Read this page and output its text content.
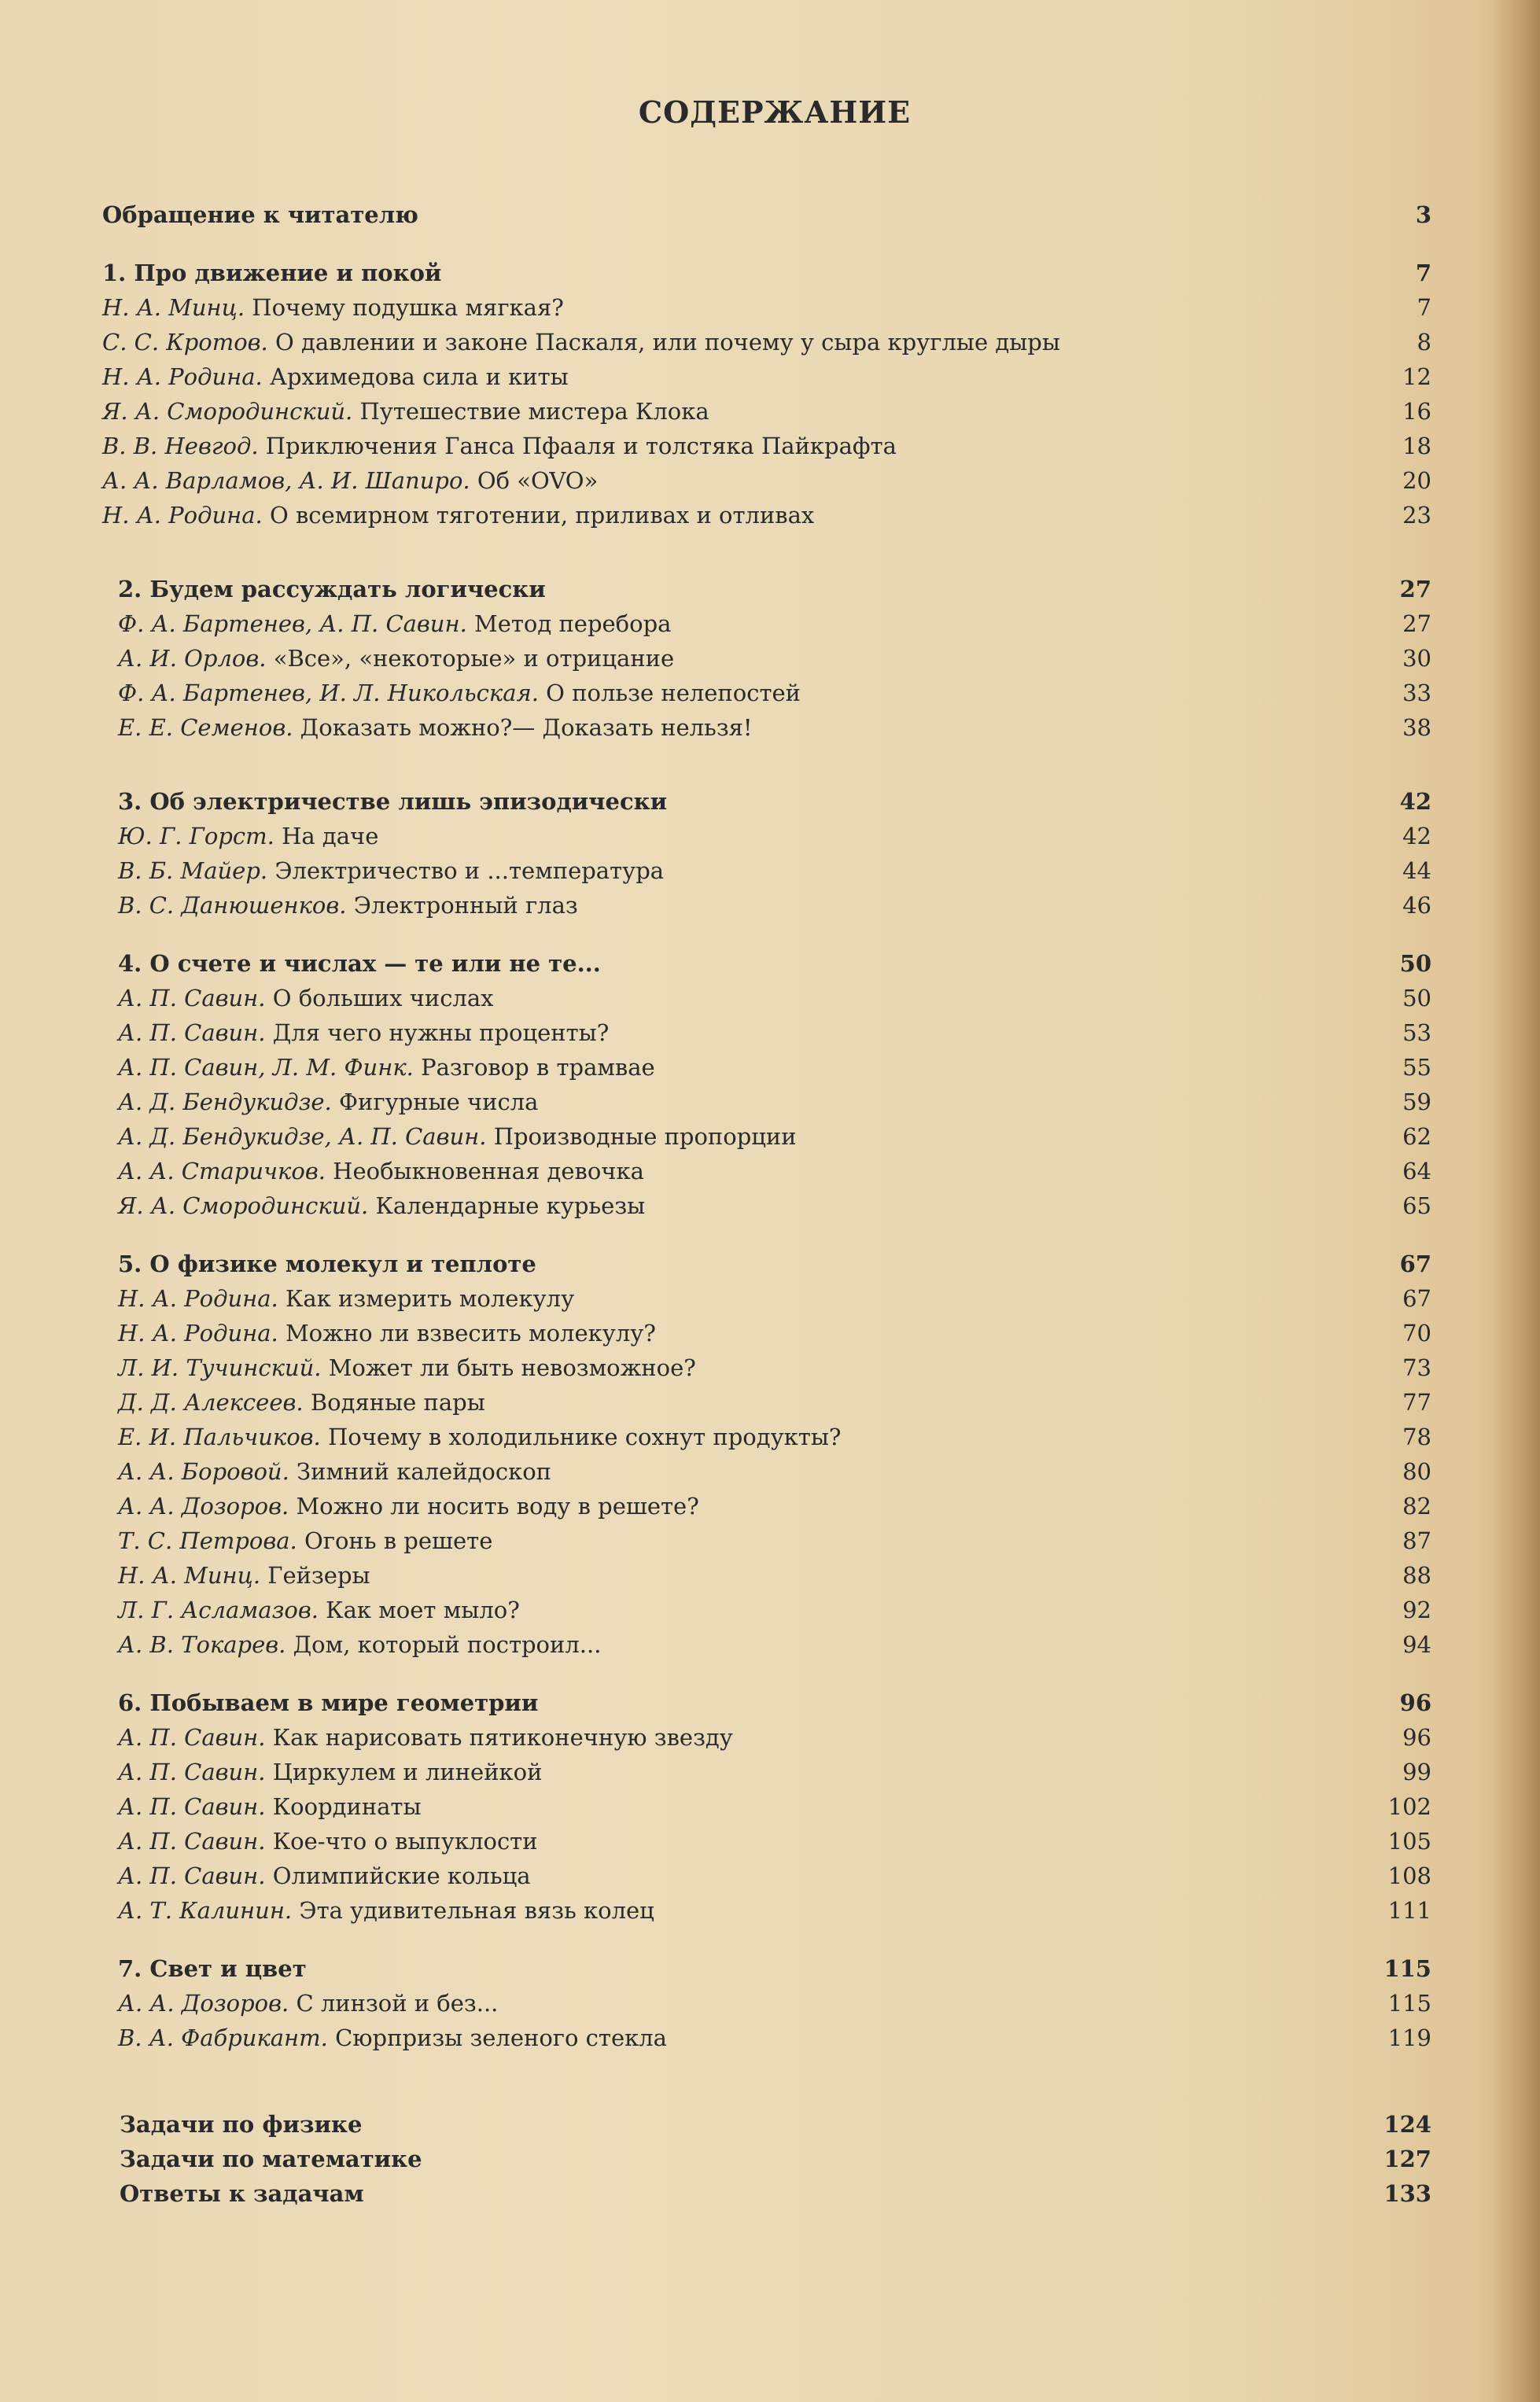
СОДЕРЖАНИЕ
Обращение к читателю	3
1. Про движение и покой	7
Н. А. Минц. Почему подушка мягкая?	7
С. С. Кротов. О давлении и законе Паскаля, или почему у сыра круглые дыры	8
Н. А. Родина. Архимедова сила и киты	12
Я. А. Смородинский. Путешествие мистера Клока	16
В. В. Невгод. Приключения Ганса Пфааля и толстяка Пайкрафта	18
А. А. Варламов, А. И. Шапиро. Об «OVO»	20
Н. А. Родина. О всемирном тяготении, приливах и отливах	23
2. Будем рассуждать логически	27
Ф. А. Бартенев, А. П. Савин. Метод перебора	27
А. И. Орлов. «Все», «некоторые» и отрицание	30
Ф. А. Бартенев, И. Л. Никольская. О пользе нелепостей	33
Е. Е. Семенов. Доказать можно?— Доказать нельзя!	38
3. Об электричестве лишь эпизодически	42
Ю. Г. Горст. На даче	42
В. Б. Майер. Электричество и ...температура	44
В. С. Данюшенков. Электронный глаз	46
4. О счете и числах — те или не те...	50
А. П. Савин. О больших числах	50
А. П. Савин. Для чего нужны проценты?	53
А. П. Савин, Л. М. Финк. Разговор в трамвае	55
А. Д. Бендукидзе. Фигурные числа	59
А. Д. Бендукидзе, А. П. Савин. Производные пропорции	62
А. А. Старичков. Необыкновенная девочка	64
Я. А. Смородинский. Календарные курьезы	65
5. О физике молекул и теплоте	67
Н. А. Родина. Как измерить молекулу	67
Н. А. Родина. Можно ли взвесить молекулу?	70
Л. И. Тучинский. Может ли быть невозможное?	73
Д. Д. Алексеев. Водяные пары	77
Е. И. Пальчиков. Почему в холодильнике сохнут продукты?	78
А. А. Боровой. Зимний калейдоскоп	80
А. А. Дозоров. Можно ли носить воду в решете?	82
Т. С. Петрова. Огонь в решете	87
Н. А. Минц. Гейзеры	88
Л. Г. Асламазов. Как моет мыло?	92
А. В. Токарев. Дом, который построил...	94
6. Побываем в мире геометрии	96
А. П. Савин. Как нарисовать пятиконечную звезду	96
А. П. Савин. Циркулем и линейкой	99
А. П. Савин. Координаты	102
А. П. Савин. Кое-что о выпуклости	105
А. П. Савин. Олимпийские кольца	108
А. Т. Калинин. Эта удивительная вязь колец	111
7. Свет и цвет	115
А. А. Дозоров. С линзой и без...	115
В. А. Фабрикант. Сюрпризы зеленого стекла	119
Задачи по физике	124
Задачи по математике	127
Ответы к задачам	133
